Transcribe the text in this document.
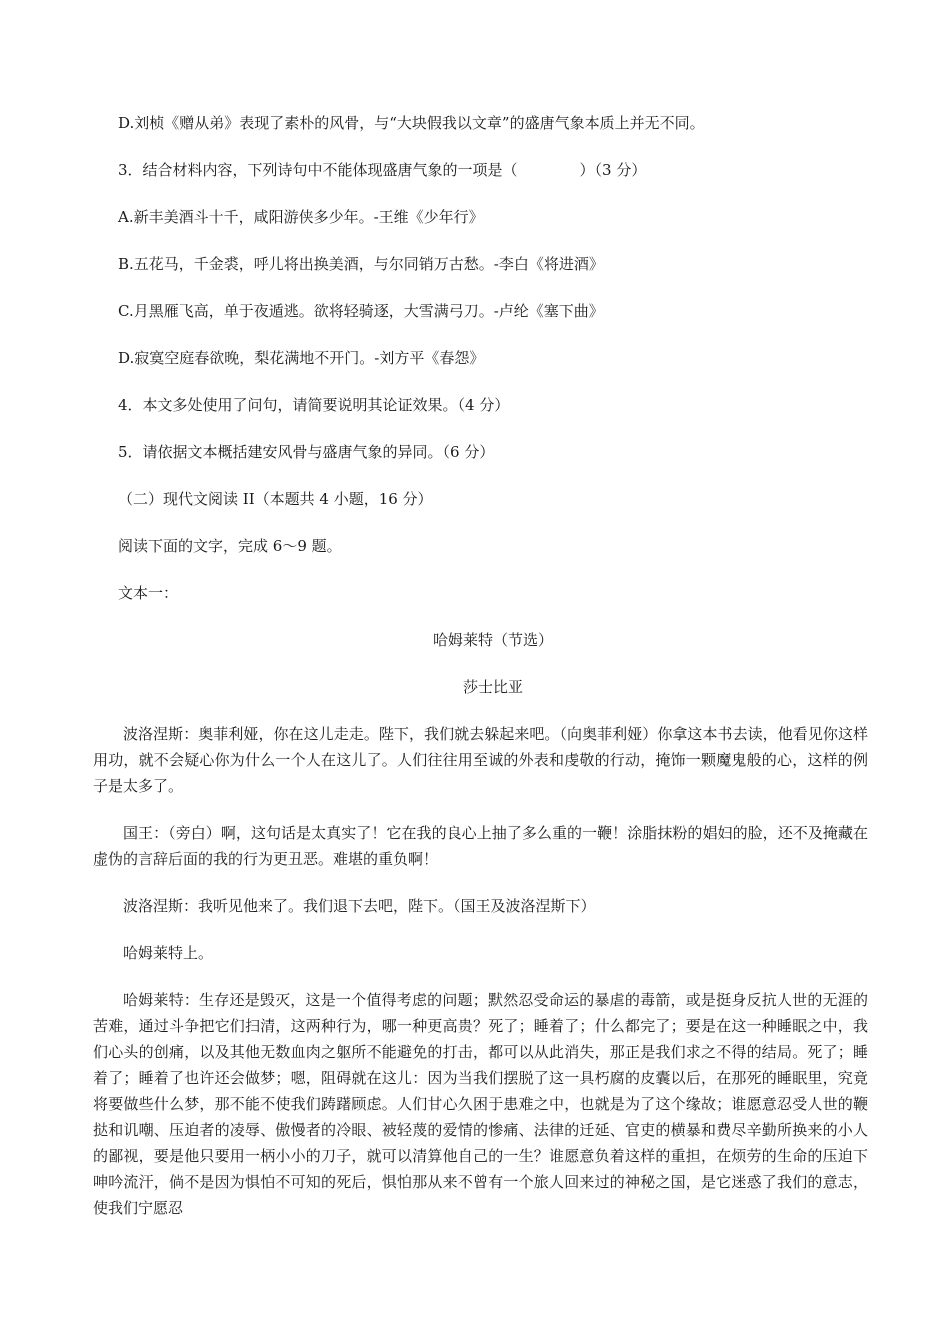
D.刘桢《赠从弟》表现了素朴的风骨，与“大块假我以文章”的盛唐气象本质上并无不同。
3．结合材料内容，下列诗句中不能体现盛唐气象的一项是（	）（3 分）
A.新丰美酒斗十千，咸阳游侠多少年。-王维《少年行》
B.五花马，千金裘，呼儿将出换美酒，与尔同销万古愁。-李白《将进酒》
C.月黑雁飞高，单于夜遁逃。欲将轻骑逐，大雪满弓刀。-卢纶《塞下曲》
D.寂寞空庭春欲晚，梨花满地不开门。-刘方平《春怨》
4．本文多处使用了问句，请简要说明其论证效果。（4 分）
5．请依据文本概括建安风骨与盛唐气象的异同。（6 分）
（二）现代文阅读 II（本题共 4 小题，16 分）
阅读下面的文字，完成 6～9 题。
文本一：
哈姆莱特（节选）
莎士比亚

波洛涅斯：奥菲利娅，你在这儿走走。陛下，我们就去躲起来吧。（向奥菲利娅）你拿这本书去读，他看见你这样用功，就不会疑心你为什么一个人在这儿了。人们往往用至诚的外表和虔敬的行动，掩饰一颗魔鬼般的心，这样的例子是太多了。

国王：（旁白）啊，这句话是太真实了！它在我的良心上抽了多么重的一鞭！涂脂抹粉的娼妇的脸，还不及掩藏在虚伪的言辞后面的我的行为更丑恶。难堪的重负啊！

波洛涅斯：我听见他来了。我们退下去吧，陛下。（国王及波洛涅斯下）

哈姆莱特上。

哈姆莱特：生存还是毁灭，这是一个值得考虑的问题；默然忍受命运的暴虐的毒箭，或是挺身反抗人世的无涯的苦难，通过斗争把它们扫清，这两种行为，哪一种更高贵？死了；睡着了；什么都完了；要是在这一种睡眠之中，我们心头的创痛，以及其他无数血肉之躯所不能避免的打击，都可以从此消失，那正是我们求之不得的结局。死了；睡着了；睡着了也许还会做梦；嗯，阻碍就在这儿：因为当我们摆脱了这一具朽腐的皮囊以后，在那死的睡眠里，究竟将要做些什么梦，那不能不使我们踌躇顾虑。人们甘心久困于患难之中，也就是为了这个缘故；谁愿意忍受人世的鞭挞和讥嘲、压迫者的凌辱、傲慢者的冷眼、被轻蔑的爱情的惨痛、法律的迁延、官吏的横暴和费尽辛勤所换来的小人的鄙视，要是他只要用一柄小小的刀子，就可以清算他自己的一生？谁愿意负着这样的重担，在烦劳的生命的压迫下呻吟流汗，倘不是因为惧怕不可知的死后，惧怕那从来不曾有一个旅人回来过的神秘之国，是它迷惑了我们的意志，使我们宁愿忍
